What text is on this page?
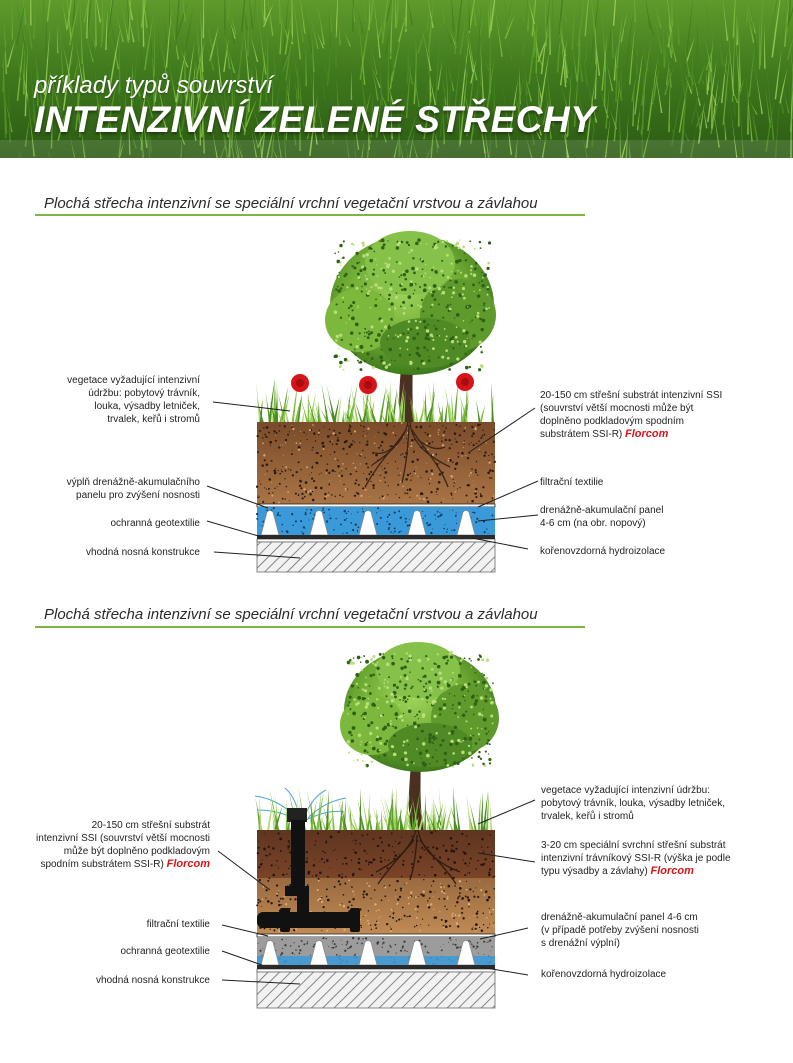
příklady typů souvrství
INTENZIVNÍ ZELENÉ STŘECHY
Plochá střecha intenzivní se speciální vrchní vegetační vrstvou a závlahou
vegetace vyžadující intenzivní
údržbu: pobytový trávník,
louka, výsadby letniček,
trvalek, keřů i stromů
výplň drenážně-akumulačního
panelu pro zvýšení nosnosti
ochranná geotextilie
vhodná nosná konstrukce
20-150 cm střešní substrát intenzivní SSI
(souvrství větší mocnosti může být
doplněno podkladovým spodním
substrátem SSI-R) Florcom
filtrační textilie
drenážně-akumulační panel
4-6 cm (na obr. nopový)
kořenovzdorná hydroizolace
Plochá střecha intenzivní se speciální vrchní vegetační vrstvou a závlahou
20-150 cm střešní substrát
intenzivní SSI (souvrství větší mocnosti
může být doplněno podkladovým
spodním substrátem SSI-R) Florcom
filtrační textilie
ochranná geotextilie
vhodná nosná konstrukce
vegetace vyžadující intenzivní údržbu:
pobytový trávník, louka, výsadby letniček,
trvalek, keřů i stromů
3-20 cm speciální svrchní střešní substrát
intenzivní trávníkový SSI-R (výška je podle
typu výsadby a závlahy) Florcom
drenážně-akumulační panel 4-6 cm
(v případě potřeby zvýšení nosnosti
s drenážní výplní)
kořenovzdorná hydroizolace
